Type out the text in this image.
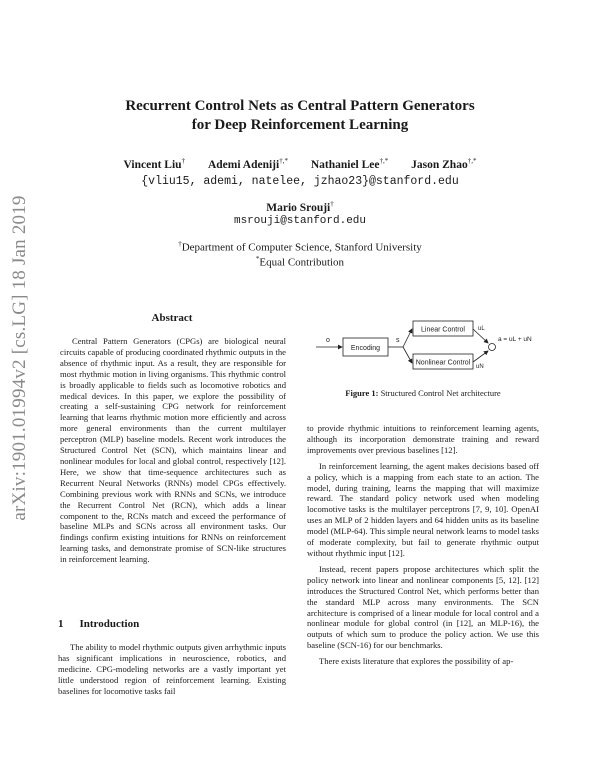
arXiv:1901.01994v2 [cs.LG] 18 Jan 2019
Recurrent Control Nets as Central Pattern Generators
for Deep Reinforcement Learning
Vincent Liu† Ademi Adeniji†,* Nathaniel Lee†,* Jason Zhao†,*
{vliu15, ademi, natelee, jzhao23}@stanford.edu
Mario Srouji†
msrouji@stanford.edu
†Department of Computer Science, Stanford University
*Equal Contribution
Abstract

Central Pattern Generators (CPGs) are biological neural circuits capable of producing coordinated rhythmic outputs in the absence of rhythmic input. As a result, they are responsible for most rhythmic motion in living organisms. This rhythmic control is broadly applicable to fields such as locomotive robotics and medical devices. In this paper, we explore the possibility of creating a self-sustaining CPG network for reinforcement learning that learns rhythmic motion more efficiently and across more general environments than the current multilayer perceptron (MLP) baseline models. Recent work introduces the Structured Control Net (SCN), which maintains linear and nonlinear modules for local and global control, respectively [12]. Here, we show that time-sequence architectures such as Recurrent Neural Networks (RNNs) model CPGs effectively. Combining previous work with RNNs and SCNs, we introduce the Recurrent Control Net (RCN), which adds a linear component to the, RCNs match and exceed the performance of baseline MLPs and SCNs across all environment tasks. Our findings confirm existing intuitions for RNNs on reinforcement learning tasks, and demonstrate promise of SCN-like structures in reinforcement learning.

1 Introduction

The ability to model rhythmic outputs given arrhythmic inputs has significant implications in neuroscience, robotics, and medicine. CPG-modeling networks are a vastly important yet little understood region of reinforcement learning. Existing baselines for locomotive tasks fail

o
Encoding
s
Linear Control
Nonlinear Control
uL
uN
a = uL + uN
Figure 1: Structured Control Net architecture

to provide rhythmic intuitions to reinforcement learning agents, although its incorporation demonstrate training and reward improvements over previous baselines [12].

In reinforcement learning, the agent makes decisions based off a policy, which is a mapping from each state to an action. The model, during training, learns the mapping that will maximize reward. The standard policy network used when modeling locomotive tasks is the multilayer perceptrons [7, 9, 10]. OpenAI uses an MLP of 2 hidden layers and 64 hidden units as its baseline model (MLP-64). This simple neural network learns to model tasks of moderate complexity, but fail to generate rhythmic output without rhythmic input [12].

Instead, recent papers propose architectures which split the policy network into linear and nonlinear components [5, 12]. [12] introduces the Structured Control Net, which performs better than the standard MLP across many environments. The SCN architecture is comprised of a linear module for local control and a nonlinear module for global control (in [12], an MLP-16), the outputs of which sum to produce the policy action. We use this baseline (SCN-16) for our benchmarks.

There exists literature that explores the possibility of ap-
